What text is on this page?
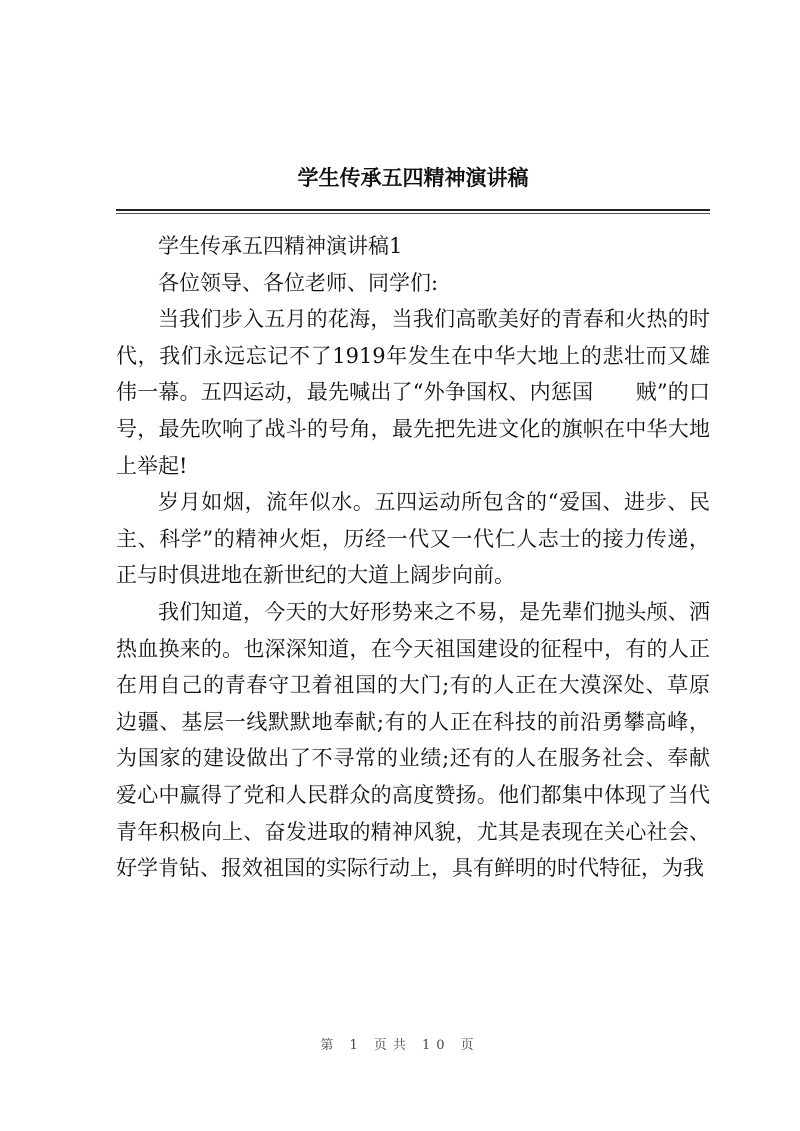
学生传承五四精神演讲稿

学生传承五四精神演讲稿1

各位领导、各位老师、同学们:

当我们步入五月的花海，当我们高歌美好的青春和火热的时代，我们永远忘记不了1919年发生在中华大地上的悲壮而又雄伟一幕。五四运动，最先喊出了“外争国权、内惩国　　贼”的口号，最先吹响了战斗的号角，最先把先进文化的旗帜在中华大地上举起!

岁月如烟，流年似水。五四运动所包含的“爱国、进步、民主、科学”的精神火炬，历经一代又一代仁人志士的接力传递，正与时俱进地在新世纪的大道上阔步向前。

我们知道，今天的大好形势来之不易，是先辈们抛头颅、洒热血换来的。也深深知道，在今天祖国建设的征程中，有的人正在用自己的青春守卫着祖国的大门;有的人正在大漠深处、草原边疆、基层一线默默地奉献;有的人正在科技的前沿勇攀高峰，为国家的建设做出了不寻常的业绩;还有的人在服务社会、奉献爱心中赢得了党和人民群众的高度赞扬。他们都集中体现了当代青年积极向上、奋发进取的精神风貌，尤其是表现在关心社会、好学肯钻、报效祖国的实际行动上，具有鲜明的时代特征，为我

第 1 页共 10 页
